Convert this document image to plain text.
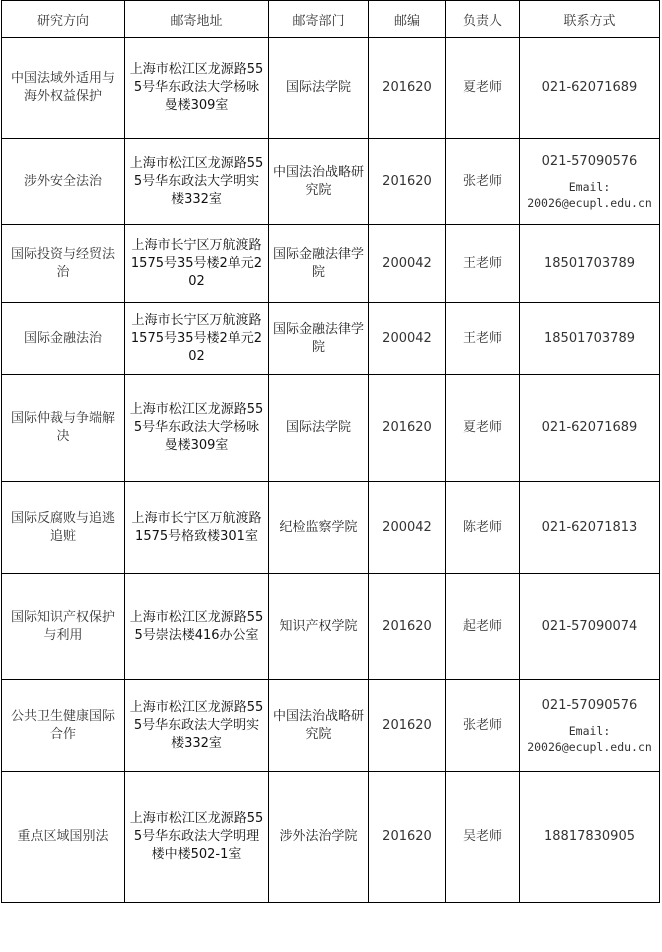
研究方向	邮寄地址	邮寄部门	邮编	负责人	联系方式
中国法域外适用与海外权益保护	上海市松江区龙源路555号华东政法大学杨咏曼楼309室	国际法学院	201620	夏老师	021-62071689

涉外安全法治	上海市松江区龙源路555号华东政法大学明实楼332室	中国法治战略研究院	201620	张老师	021-57090576
Email:
20026@ecupl.edu.cn

国际投资与经贸法治	上海市长宁区万航渡路1575号35号楼2单元202	国际金融法律学院	200042	王老师	18501703789

国际金融法治	上海市长宁区万航渡路1575号35号楼2单元202	国际金融法律学院	200042	王老师	18501703789

国际仲裁与争端解决	上海市松江区龙源路555号华东政法大学杨咏曼楼309室	国际法学院	201620	夏老师	021-62071689

国际反腐败与追逃追赃	上海市长宁区万航渡路1575号格致楼301室	纪检监察学院	200042	陈老师	021-62071813

国际知识产权保护与利用	上海市松江区龙源路555号崇法楼416办公室	知识产权学院	201620	起老师	021-57090074

公共卫生健康国际合作	上海市松江区龙源路555号华东政法大学明实楼332室	中国法治战略研究院	201620	张老师	021-57090576
Email:
20026@ecupl.edu.cn

重点区域国别法	上海市松江区龙源路555号华东政法大学明理楼中楼502-1室	涉外法治学院	201620	吴老师	18817830905
